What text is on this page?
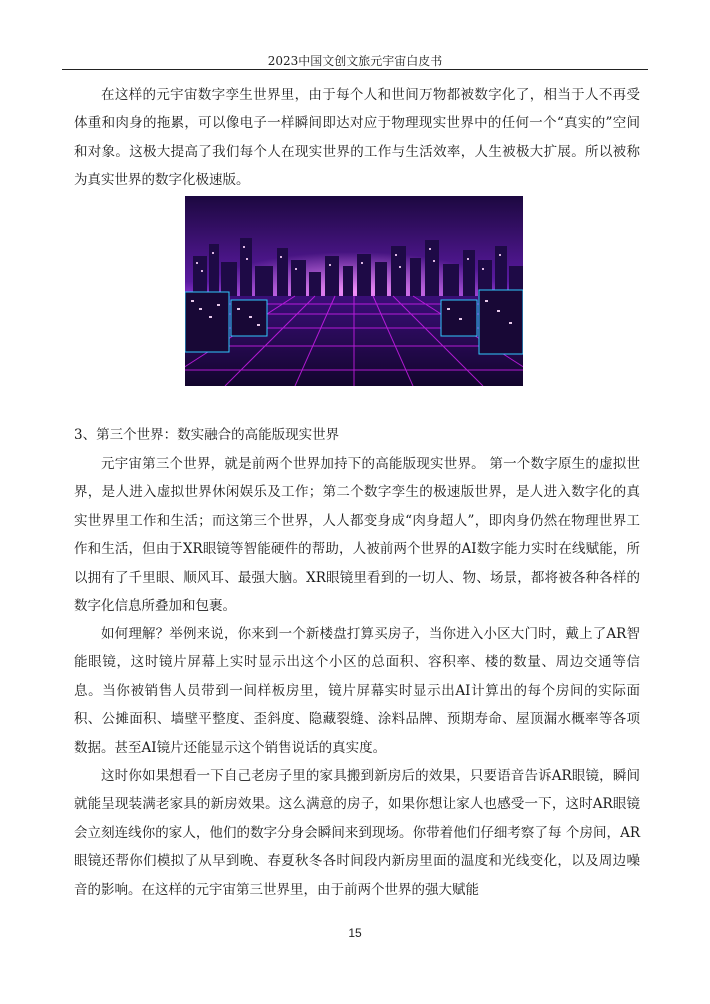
2023中国文创文旅元宇宙白皮书

在这样的元宇宙数字孪生世界里，由于每个人和世间万物都被数字化了，相当于人不再受体重和肉身的拖累，可以像电子一样瞬间即达对应于物理现实世界中的任何一个“真实的”空间和对象。这极大提高了我们每个人在现实世界的工作与生活效率，人生被极大扩展。所以被称为真实世界的数字化极速版。

3、第三个世界：数实融合的高能版现实世界

元宇宙第三个世界，就是前两个世界加持下的高能版现实世界。 第一个数字原生的虚拟世界，是人进入虚拟世界休闲娱乐及工作；第二个数字孪生的极速版世界，是人进入数字化的真实世界里工作和生活；而这第三个世界，人人都变身成“肉身超人”，即肉身仍然在物理世界工作和生活，但由于XR眼镜等智能硬件的帮助，人被前两个世界的AI数字能力实时在线赋能，所以拥有了千里眼、顺风耳、最强大脑。XR眼镜里看到的一切人、物、场景，都将被各种各样的数字化信息所叠加和包裹。

如何理解？举例来说，你来到一个新楼盘打算买房子，当你进入小区大门时，戴上了AR智能眼镜，这时镜片屏幕上实时显示出这个小区的总面积、容积率、楼的数量、周边交通等信息。当你被销售人员带到一间样板房里，镜片屏幕实时显示出AI计算出的每个房间的实际面积、公摊面积、墙壁平整度、歪斜度、隐藏裂缝、涂料品牌、预期寿命、屋顶漏水概率等各项数据。甚至AI镜片还能显示这个销售说话的真实度。

这时你如果想看一下自己老房子里的家具搬到新房后的效果，只要语音告诉AR眼镜，瞬间就能呈现装满老家具的新房效果。这么满意的房子，如果你想让家人也感受一下，这时AR眼镜会立刻连线你的家人，他们的数字分身会瞬间来到现场。你带着他们仔细考察了每 个房间，AR眼镜还帮你们模拟了从早到晚、春夏秋冬各时间段内新房里面的温度和光线变化，以及周边噪音的影响。在这样的元宇宙第三世界里，由于前两个世界的强大赋能

15
